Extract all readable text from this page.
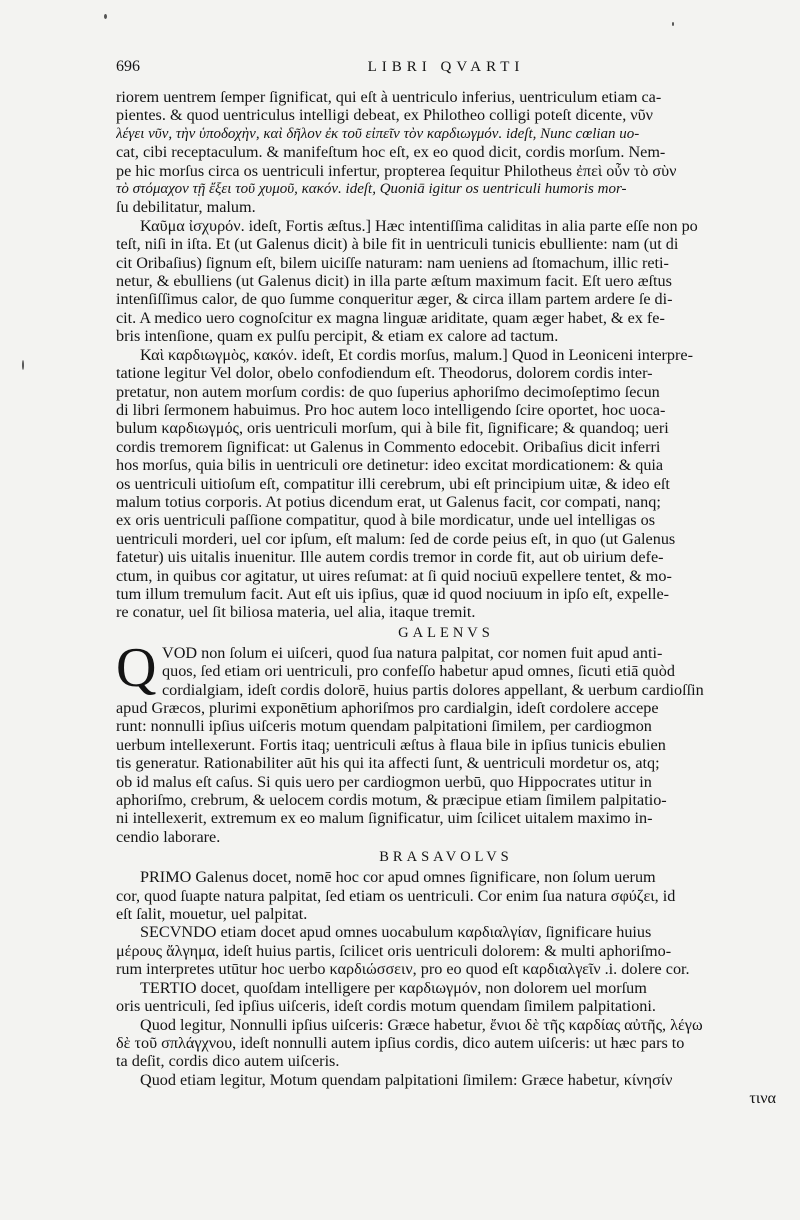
696	LIBRI QVARTI
riorem uentrem ſemper ſignificat, qui eſt à uentriculo inferius, uentriculum etiam ca-
pientes. & quod uentriculus intelligi debeat, ex Philotheo colligi poteſt dicente, νῦν
λέγει νῦν, τὴν ὑποδοχὴν, καὶ δῆλον ἐκ τοῦ εἰπεῖν τὸν καρδιωγμόν. ideſt, Nunc cœlian uo-
cat, cibi receptaculum. & manifeſtum hoc eſt, ex eo quod dicit, cordis morſum. Nem-
pe hic morſus circa os uentriculi infertur, propterea ſequitur Philotheus ἐπεὶ οὖν τὸ σὺν
τὸ στόμαχον τῇ ἔξει τοῦ χυμοῦ, κακόν. ideſt, Quoniā igitur os uentriculi humoris mor-
ſu debilitatur, malum.
Καῦμα ἰσχυρόν. ideſt, Fortis æſtus.] Hæc intentiſſima caliditas in alia parte eſſe non po
teſt, niſi in iſta. Et (ut Galenus dicit) à bile fit in uentriculi tunicis ebulliente: nam (ut di
cit Oribaſius) ſignum eſt, bilem uiciſſe naturam: nam ueniens ad ſtomachum, illic reti-
netur, & ebulliens (ut Galenus dicit) in illa parte æſtum maximum facit. Eſt uero æſtus
intenſiſſimus calor, de quo ſumme conqueritur æger, & circa illam partem ardere ſe di-
cit. A medico uero cognoſcitur ex magna linguæ ariditate, quam æger habet, & ex fe-
bris intenſione, quam ex pulſu percipit, & etiam ex calore ad tactum.
Καὶ καρδιωγμὸς, κακόν. ideſt, Et cordis morſus, malum.] Quod in Leoniceni interpre-
tatione legitur Vel dolor, obelo confodiendum eſt. Theodorus, dolorem cordis inter-
pretatur, non autem morſum cordis: de quo ſuperius aphoriſmo decimoſeptimo ſecun
di libri ſermonem habuimus. Pro hoc autem loco intelligendo ſcire oportet, hoc uoca-
bulum καρδιωγμός, oris uentriculi morſum, qui à bile fit, ſignificare; & quandoq; ueri
cordis tremorem ſignificat: ut Galenus in Commento edocebit. Oribaſius dicit inferri
hos morſus, quia bilis in uentriculi ore detinetur: ideo excitat mordicationem: & quia
os uentriculi uitioſum eſt, compatitur illi cerebrum, ubi eſt principium uitæ, & ideo eſt
malum totius corporis. At potius dicendum erat, ut Galenus facit, cor compati, nanq;
ex oris uentriculi paſſione compatitur, quod à bile mordicatur, unde uel intelligas os
uentriculi morderi, uel cor ipſum, eſt malum: ſed de corde peius eſt, in quo (ut Galenus
fatetur) uis uitalis inuenitur. Ille autem cordis tremor in corde fit, aut ob uirium defe-
ctum, in quibus cor agitatur, ut uires reſumat: at ſi quid nociuū expellere tentet, & mo-
tum illum tremulum facit. Aut eſt uis ipſius, quæ id quod nociuum in ipſo eſt, expelle-
re conatur, uel ſit biliosa materia, uel alia, itaque tremit.
GALENVS
Q VOD non ſolum ei uiſceri, quod ſua natura palpitat, cor nomen fuit apud anti-
quos, ſed etiam ori uentriculi, pro confeſſo habetur apud omnes, ſicuti etiā quòd
cordialgiam, ideſt cordis dolorē, huius partis dolores appellant, & uerbum cardioſſin
apud Græcos, plurimi exponētium aphoriſmos pro cardialgin, ideſt cordolere accepe
runt: nonnulli ipſius uiſceris motum quendam palpitationi ſimilem, per cardiogmon
uerbum intellexerunt. Fortis itaq; uentriculi æſtus à flaua bile in ipſius tunicis ebulien
tis generatur. Rationabiliter aūt his qui ita affecti ſunt, & uentriculi mordetur os, atq;
ob id malus eſt caſus. Si quis uero per cardiogmon uerbū, quo Hippocrates utitur in
aphoriſmo, crebrum, & uelocem cordis motum, & præcipue etiam ſimilem palpitatio-
ni intellexerit, extremum ex eo malum ſignificatur, uim ſcilicet uitalem maximo in-
cendio laborare.
BRASAVOLVS
PRIMO Galenus docet, nomē hoc cor apud omnes ſignificare, non ſolum uerum
cor, quod ſuapte natura palpitat, ſed etiam os uentriculi. Cor enim ſua natura σφύζει, id
eſt ſalit, mouetur, uel palpitat.
SECVNDO etiam docet apud omnes uocabulum καρδιαλγίαν, ſignificare huius
μέρους ἄλγημα, ideſt huius partis, ſcilicet oris uentriculi dolorem: & multi aphoriſmo-
rum interpretes utūtur hoc uerbo καρδιώσσειν, pro eo quod eſt καρδιαλγεῖν .i. dolere cor.
TERTIO docet, quoſdam intelligere per καρδιωγμόν, non dolorem uel morſum
oris uentriculi, ſed ipſius uiſceris, ideſt cordis motum quendam ſimilem palpitationi.
Quod legitur, Nonnulli ipſius uiſceris: Græce habetur, ἔνιοι δὲ τῆς καρδίας αὐτῆς, λέγω
δὲ τοῦ σπλάγχνου, ideſt nonnulli autem ipſius cordis, dico autem uiſceris: ut hæc pars to
ta deſit, cordis dico autem uiſceris.
Quod etiam legitur, Motum quendam palpitationi ſimilem: Græce habetur, κίνησίν
τινα
